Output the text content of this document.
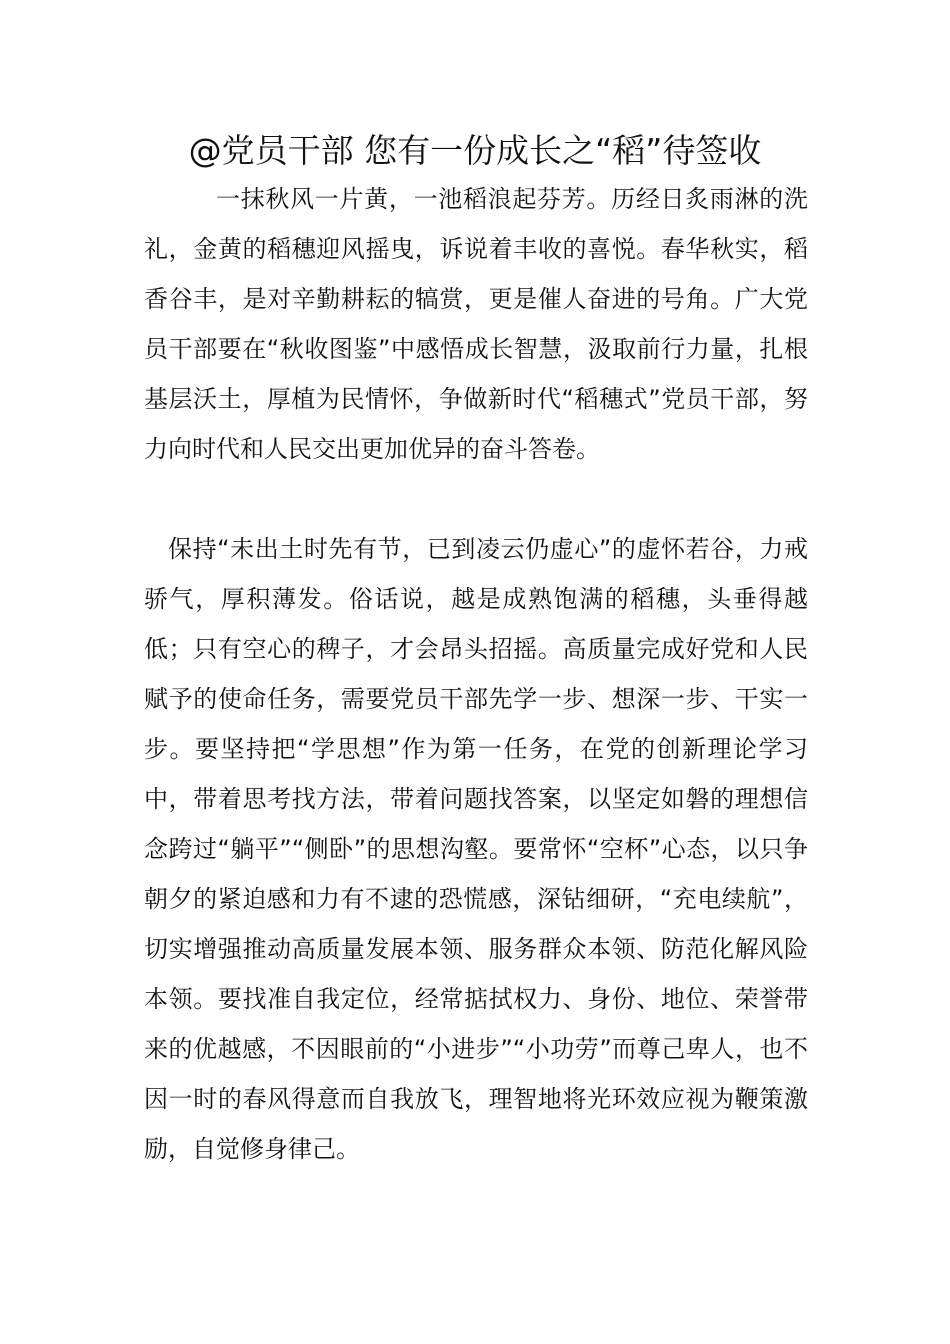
@党员干部 您有一份成长之“稻”待签收

一抹秋风一片黄，一池稻浪起芬芳。历经日炙雨淋的洗礼，金黄的稻穗迎风摇曳，诉说着丰收的喜悦。春华秋实，稻香谷丰，是对辛勤耕耘的犒赏，更是催人奋进的号角。广大党员干部要在“秋收图鉴”中感悟成长智慧，汲取前行力量，扎根基层沃土，厚植为民情怀，争做新时代“稻穗式”党员干部，努力向时代和人民交出更加优异的奋斗答卷。

保持“未出土时先有节，已到凌云仍虚心”的虚怀若谷，力戒骄气，厚积薄发。俗话说，越是成熟饱满的稻穗，头垂得越低；只有空心的稗子，才会昂头招摇。高质量完成好党和人民赋予的使命任务，需要党员干部先学一步、想深一步、干实一步。要坚持把“学思想”作为第一任务，在党的创新理论学习中，带着思考找方法，带着问题找答案，以坚定如磐的理想信念跨过“躺平”“侧卧”的思想沟壑。要常怀“空杯”心态，以只争朝夕的紧迫感和力有不逮的恐慌感，深钻细研，“充电续航”，切实增强推动高质量发展本领、服务群众本领、防范化解风险本领。要找准自我定位，经常掂拭权力、身份、地位、荣誉带来的优越感，不因眼前的“小进步”“小功劳”而尊己卑人，也不因一时的春风得意而自我放飞，理智地将光环效应视为鞭策激励，自觉修身律己。
